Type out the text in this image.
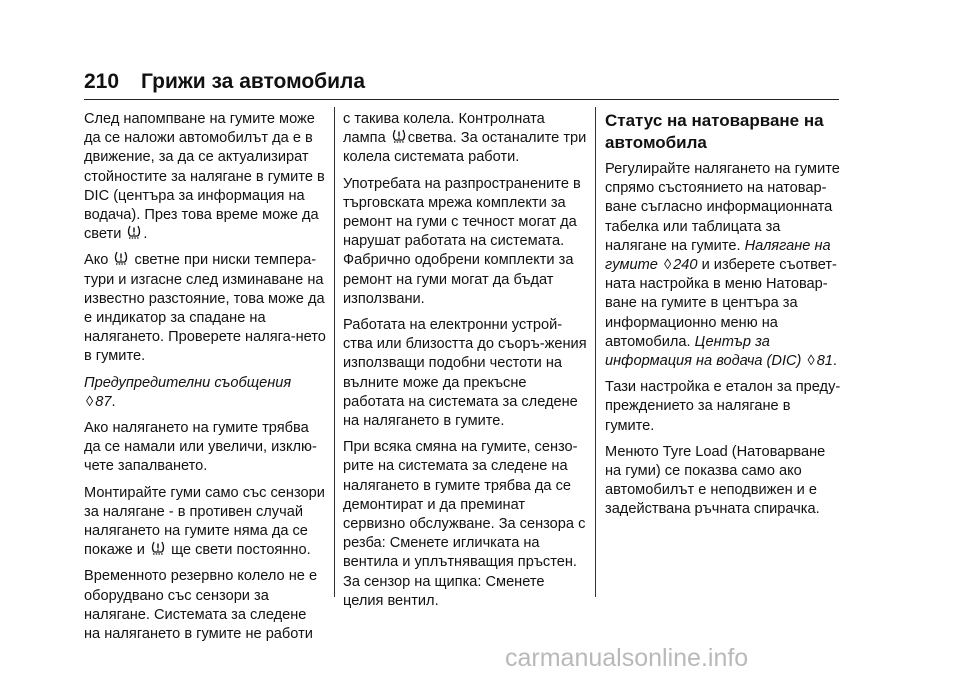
210 Грижи за автомобила

След напомпване на гумите може да се наложи автомобилът да е в движение, за да се актуализират стойностите за налягане в гумите в DIC (центъра за информация на водача). През това време може да свети .

Ако светне при ниски темпера-тури и изгасне след изминаване на известно разстояние, това може да е индикатор за спадане на налягането. Проверете наляга-нето в гумите.

Предупредителни съобщения
◊ 87.

Ако налягането на гумите трябва да се намали или увеличи, изклю-чете запалването.

Монтирайте гуми само със сензори за налягане - в противен случай налягането на гумите няма да се покаже и ще свети постоянно.

Временното резервно колело не е оборудвано със сензори за налягане. Системата за следене на налягането в гумите не работи

с такива колела. Контролната лампа светва. За останалите три колела системата работи.

Употребата на разпространените в търговската мрежа комплекти за ремонт на гуми с течност могат да нарушат работата на системата. Фабрично одобрени комплекти за ремонт на гуми могат да бъдат използвани.

Работата на електронни устрой-ства или близостта до съоръ-жения използващи подобни честоти на вълните може да прекъсне работата на системата за следене на налягането в гумите.

При всяка смяна на гумите, сензо-рите на системата за следене на налягането в гумите трябва да се демонтират и да преминат сервизно обслужване. За сензора с резба: Сменете игличката на вентила и уплътняващия пръстен. За сензор на щипка: Сменете целия вентил.

Статус на натоварване на автомобила

Регулирайте налягането на гумите спрямо състоянието на натовар-ване съгласно информационната табелка или таблицата за налягане на гумите. Налягане на гумите ◊ 240 и изберете съответ-ната настройка в меню Натовар-ване на гумите в центъра за информационно меню на автомобила. Център за информация на водача (DIC) ◊ 81.

Тази настройка е еталон за преду-преждението за налягане в гумите.

Менюто Tyre Load (Натоварване на гуми) се показва само ако автомобилът е неподвижен и е задействана ръчната спирачка.

carmanualsonline.info
